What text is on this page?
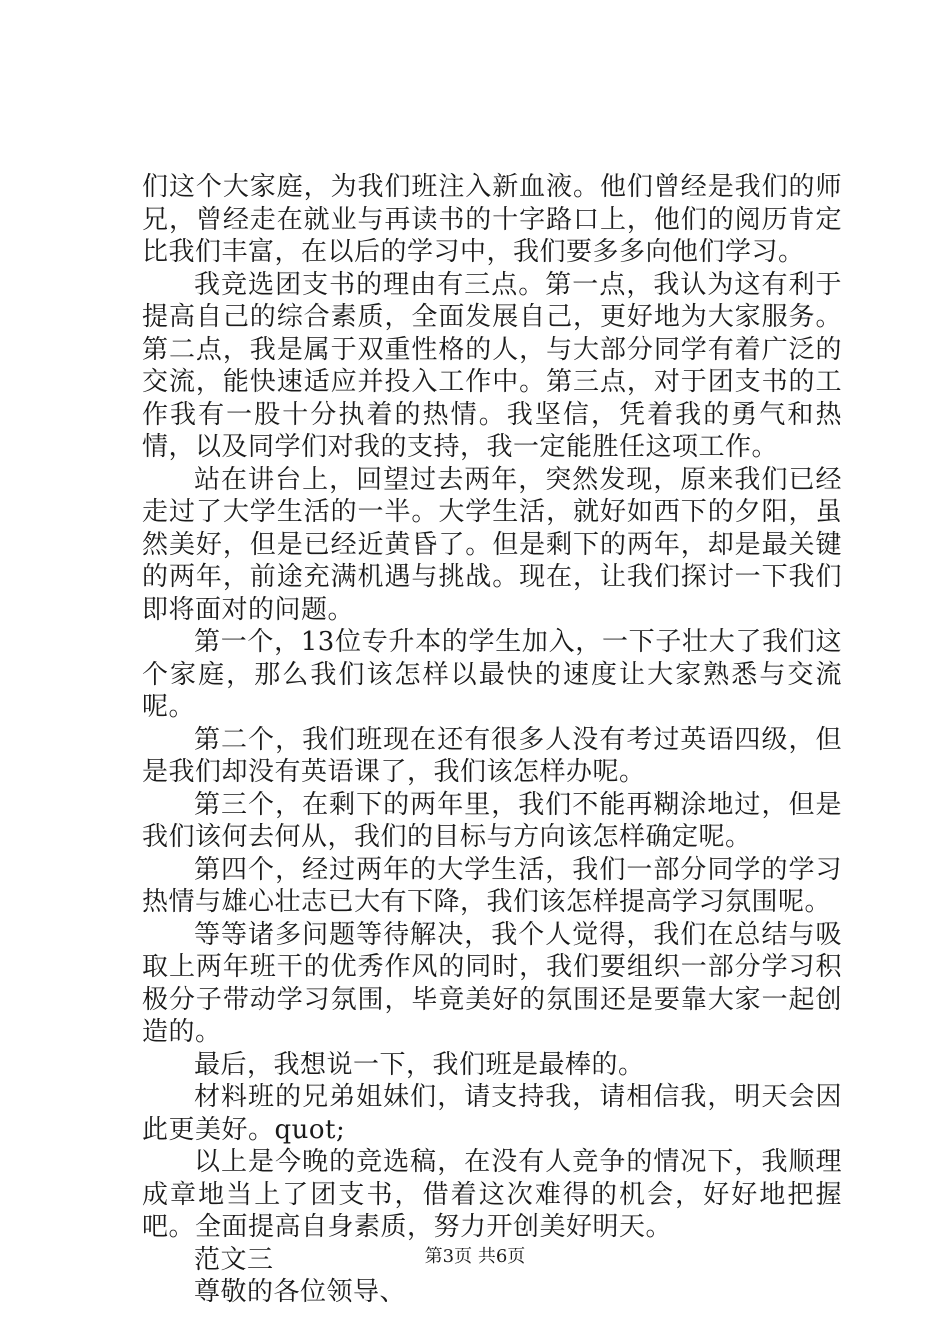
们这个大家庭，为我们班注入新血液。他们曾经是我们的师兄，曾经走在就业与再读书的十字路口上，他们的阅历肯定比我们丰富，在以后的学习中，我们要多多向他们学习。

我竞选团支书的理由有三点。第一点，我认为这有利于提高自己的综合素质，全面发展自己，更好地为大家服务。第二点，我是属于双重性格的人，与大部分同学有着广泛的交流，能快速适应并投入工作中。第三点，对于团支书的工作我有一股十分执着的热情。我坚信，凭着我的勇气和热情，以及同学们对我的支持，我一定能胜任这项工作。

站在讲台上，回望过去两年，突然发现，原来我们已经走过了大学生活的一半。大学生活，就好如西下的夕阳，虽然美好，但是已经近黄昏了。但是剩下的两年，却是最关键的两年，前途充满机遇与挑战。现在，让我们探讨一下我们即将面对的问题。

第一个，13位专升本的学生加入，一下子壮大了我们这个家庭，那么我们该怎样以最快的速度让大家熟悉与交流呢。

第二个，我们班现在还有很多人没有考过英语四级，但是我们却没有英语课了，我们该怎样办呢。

第三个，在剩下的两年里，我们不能再糊涂地过，但是我们该何去何从，我们的目标与方向该怎样确定呢。

第四个，经过两年的大学生活，我们一部分同学的学习热情与雄心壮志已大有下降，我们该怎样提高学习氛围呢。

等等诸多问题等待解决，我个人觉得，我们在总结与吸取上两年班干的优秀作风的同时，我们要组织一部分学习积极分子带动学习氛围，毕竟美好的氛围还是要靠大家一起创造的。

最后，我想说一下，我们班是最棒的。

材料班的兄弟姐妹们，请支持我，请相信我，明天会因此更美好。quot;

以上是今晚的竞选稿，在没有人竞争的情况下，我顺理成章地当上了团支书，借着这次难得的机会，好好地把握吧。全面提高自身素质，努力开创美好明天。

范文三

尊敬的各位领导、

第3页 共6页
